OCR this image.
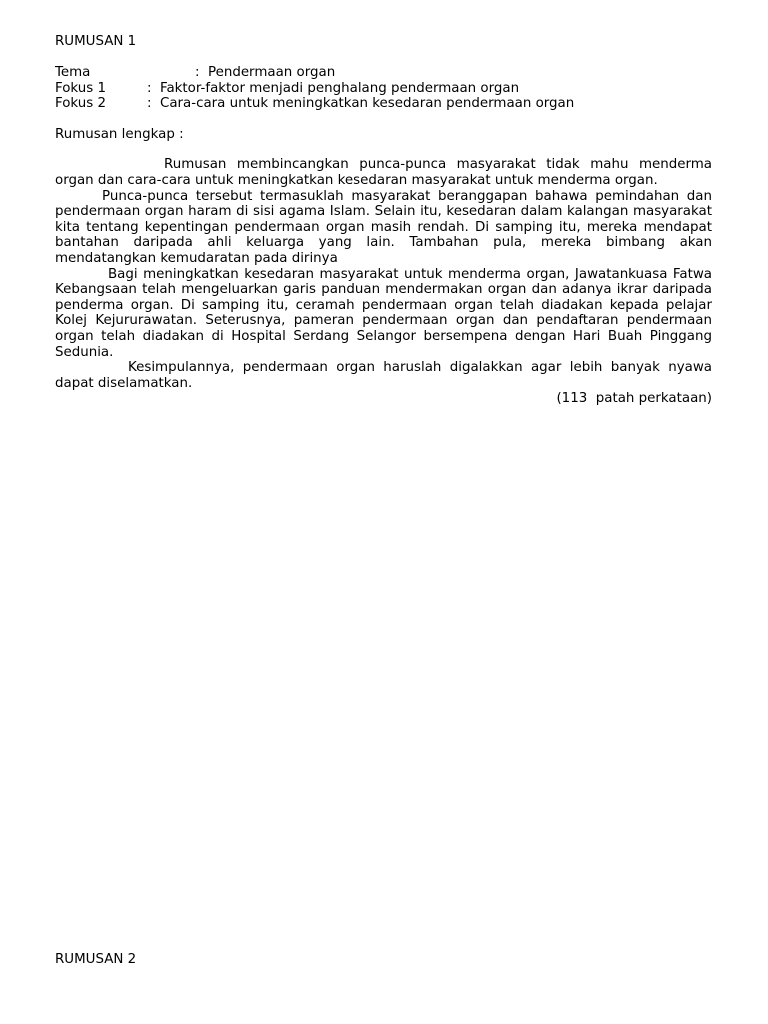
RUMUSAN 1
Tema	: Pendermaan organ
Fokus 1	: Faktor-faktor menjadi penghalang pendermaan organ
Fokus 2	: Cara-cara untuk meningkatkan kesedaran pendermaan organ
Rumusan lengkap :

Rumusan membincangkan punca-punca masyarakat tidak mahu menderma organ dan cara-cara untuk meningkatkan kesedaran masyarakat untuk menderma organ.

Punca-punca tersebut termasuklah masyarakat beranggapan bahawa pemindahan dan pendermaan organ haram di sisi agama Islam. Selain itu, kesedaran dalam kalangan masyarakat kita tentang kepentingan pendermaan organ masih rendah. Di samping itu, mereka mendapat bantahan daripada ahli keluarga yang lain. Tambahan pula, mereka bimbang akan mendatangkan kemudaratan pada dirinya

Bagi meningkatkan kesedaran masyarakat untuk menderma organ, Jawatankuasa Fatwa Kebangsaan telah mengeluarkan garis panduan mendermakan organ dan adanya ikrar daripada penderma organ. Di samping itu, ceramah pendermaan organ telah diadakan kepada pelajar Kolej Kejururawatan. Seterusnya, pameran pendermaan organ dan pendaftaran pendermaan organ telah diadakan di Hospital Serdang Selangor bersempena dengan Hari Buah Pinggang Sedunia.

Kesimpulannya, pendermaan organ haruslah digalakkan agar lebih banyak nyawa dapat diselamatkan.

(113  patah perkataan)
RUMUSAN 2
